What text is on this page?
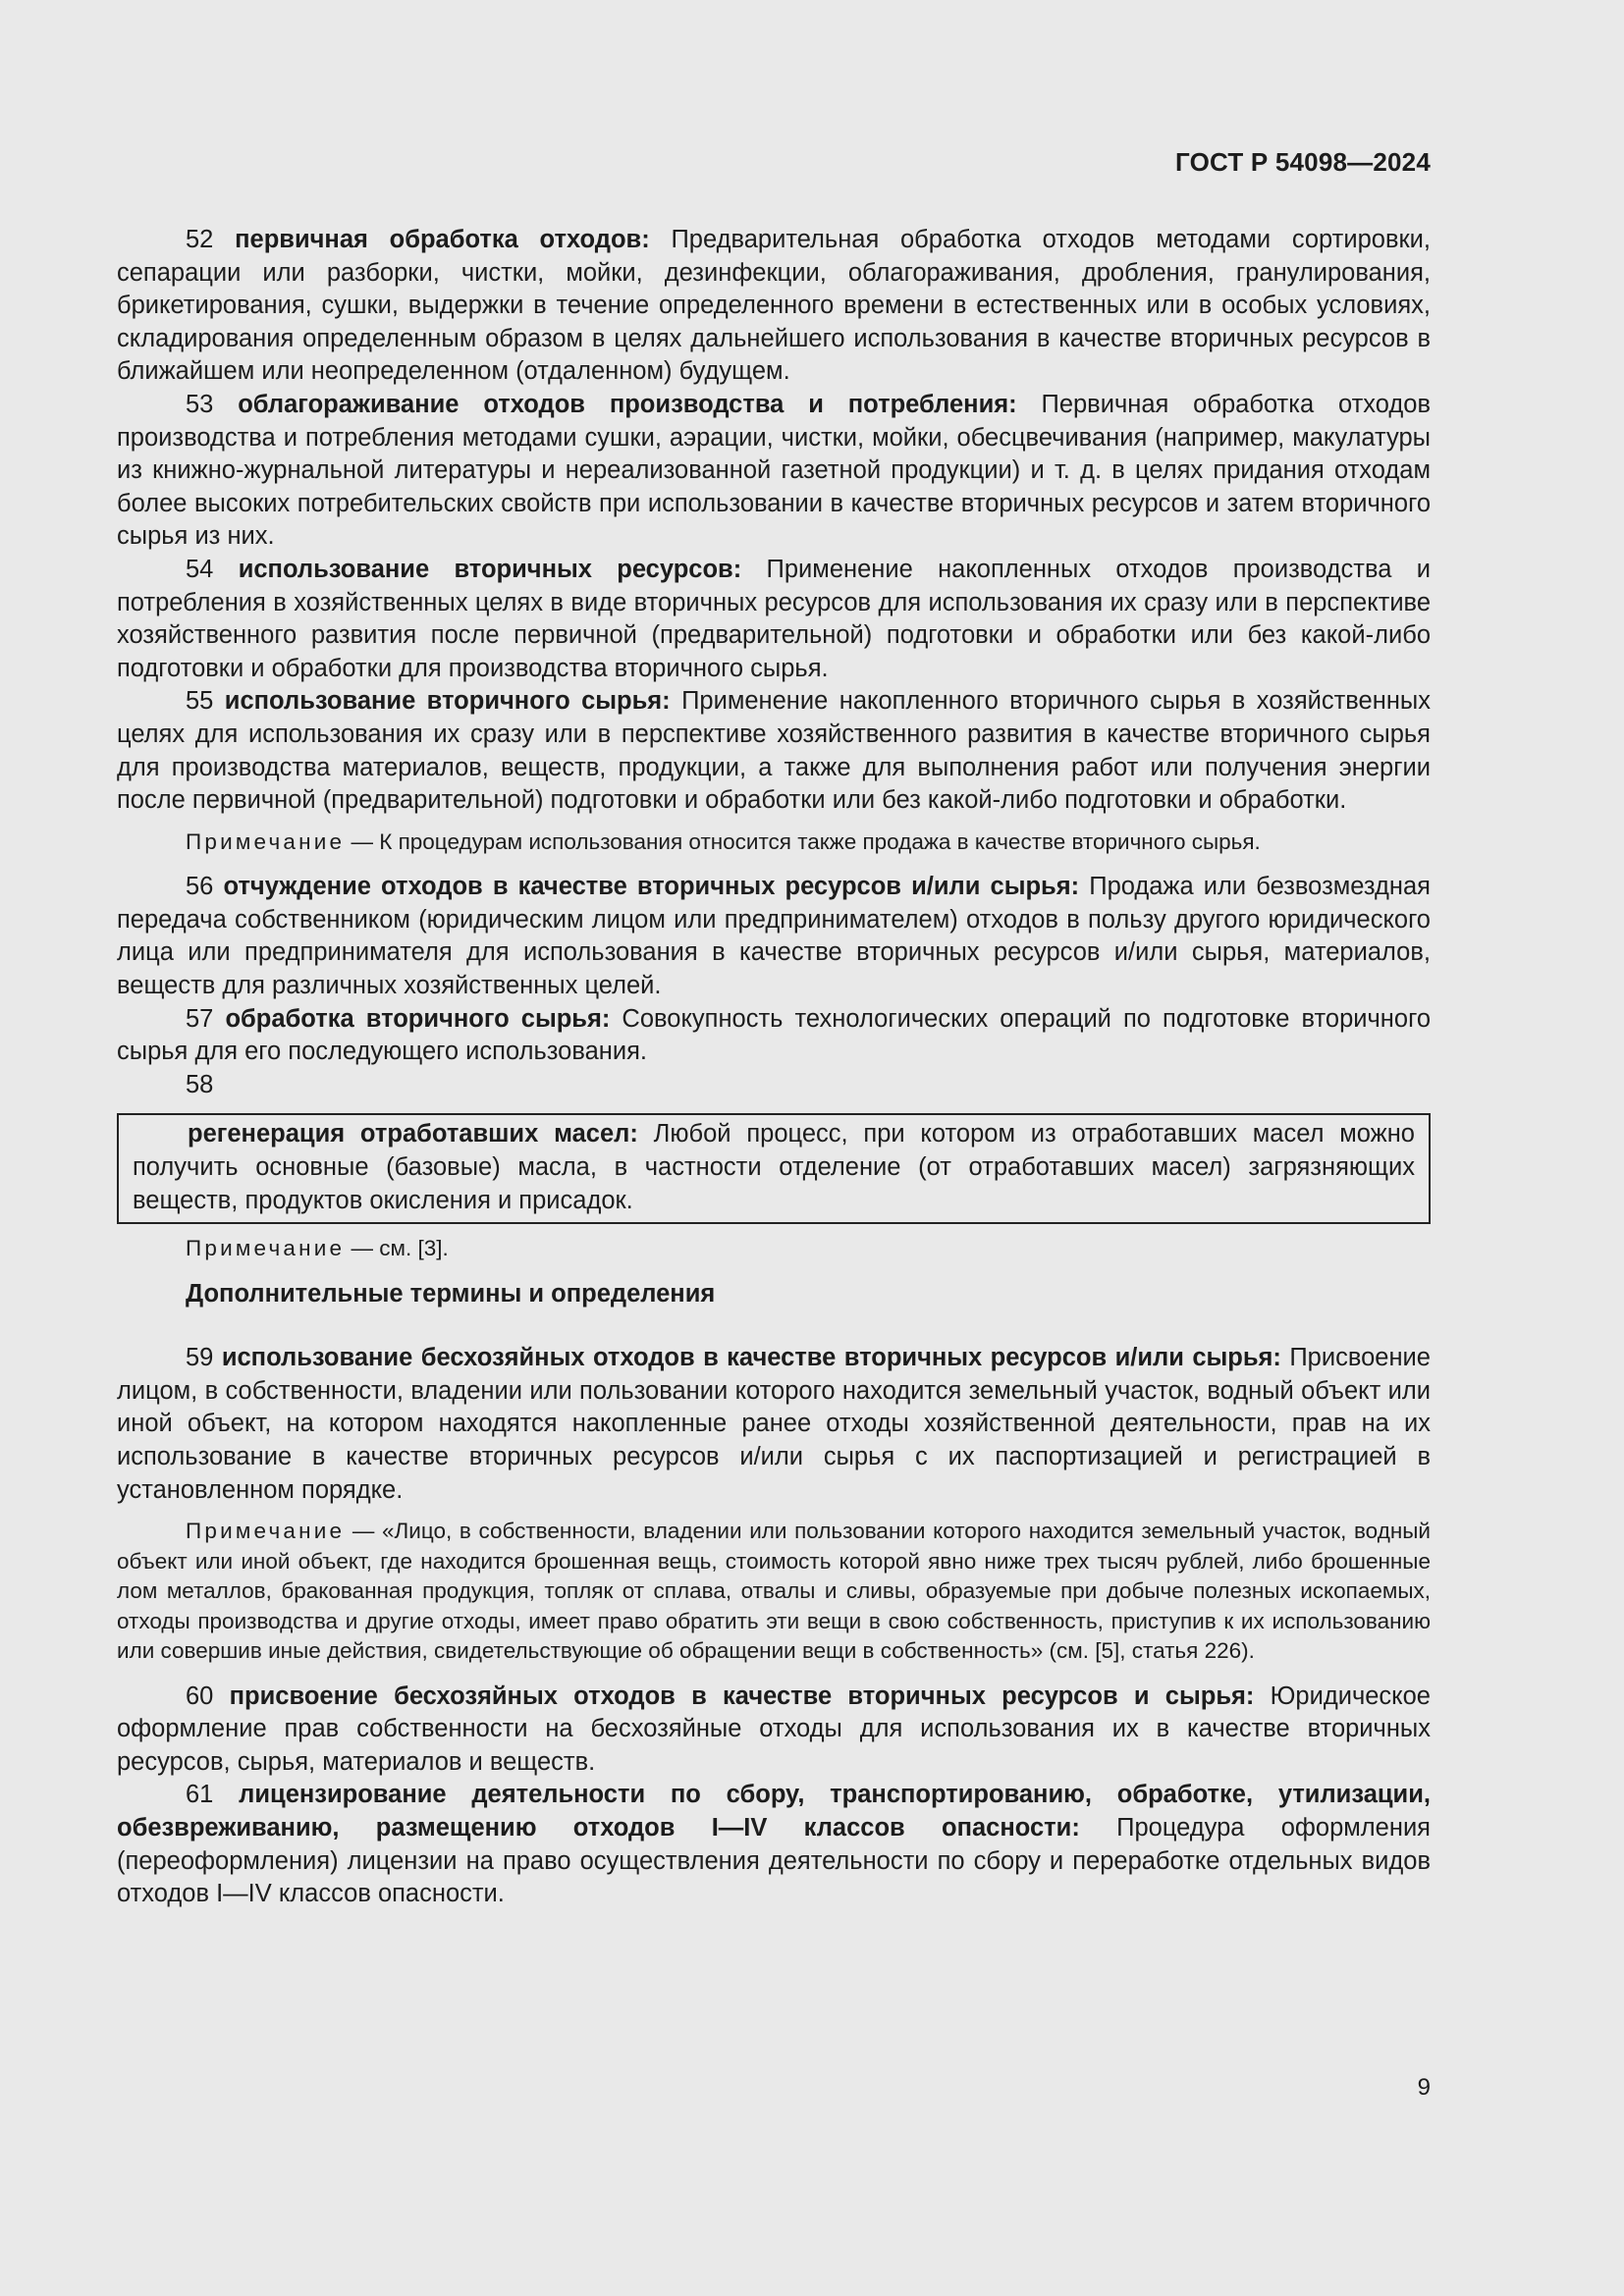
ГОСТ Р 54098—2024

52 первичная обработка отходов: Предварительная обработка отходов методами сортировки, сепарации или разборки, чистки, мойки, дезинфекции, облагораживания, дробления, гранулирования, брикетирования, сушки, выдержки в течение определенного времени в естественных или в особых условиях, складирования определенным образом в целях дальнейшего использования в качестве вторичных ресурсов в ближайшем или неопределенном (отдаленном) будущем.

53 облагораживание отходов производства и потребления: Первичная обработка отходов производства и потребления методами сушки, аэрации, чистки, мойки, обесцвечивания (например, макулатуры из книжно-журнальной литературы и нереализованной газетной продукции) и т. д. в целях придания отходам более высоких потребительских свойств при использовании в качестве вторичных ресурсов и затем вторичного сырья из них.

54 использование вторичных ресурсов: Применение накопленных отходов производства и потребления в хозяйственных целях в виде вторичных ресурсов для использования их сразу или в перспективе хозяйственного развития после первичной (предварительной) подготовки и обработки или без какой-либо подготовки и обработки для производства вторичного сырья.

55 использование вторичного сырья: Применение накопленного вторичного сырья в хозяйственных целях для использования их сразу или в перспективе хозяйственного развития в качестве вторичного сырья для производства материалов, веществ, продукции, а также для выполнения работ или получения энергии после первичной (предварительной) подготовки и обработки или без какой-либо подготовки и обработки.

Примечание — К процедурам использования относится также продажа в качестве вторичного сырья.

56 отчуждение отходов в качестве вторичных ресурсов и/или сырья: Продажа или безвозмездная передача собственником (юридическим лицом или предпринимателем) отходов в пользу другого юридического лица или предпринимателя для использования в качестве вторичных ресурсов и/или сырья, материалов, веществ для различных хозяйственных целей.

57 обработка вторичного сырья: Совокупность технологических операций по подготовке вторичного сырья для его последующего использования.

58

регенерация отработавших масел: Любой процесс, при котором из отработавших масел можно получить основные (базовые) масла, в частности отделение (от отработавших масел) загрязняющих веществ, продуктов окисления и присадок.

Примечание — см. [3].

Дополнительные термины и определения

59 использование бесхозяйных отходов в качестве вторичных ресурсов и/или сырья: Присвоение лицом, в собственности, владении или пользовании которого находится земельный участок, водный объект или иной объект, на котором находятся накопленные ранее отходы хозяйственной деятельности, прав на их использование в качестве вторичных ресурсов и/или сырья с их паспортизацией и регистрацией в установленном порядке.

Примечание — «Лицо, в собственности, владении или пользовании которого находится земельный участок, водный объект или иной объект, где находится брошенная вещь, стоимость которой явно ниже трех тысяч рублей, либо брошенные лом металлов, бракованная продукция, топляк от сплава, отвалы и сливы, образуемые при добыче полезных ископаемых, отходы производства и другие отходы, имеет право обратить эти вещи в свою собственность, приступив к их использованию или совершив иные действия, свидетельствующие об обращении вещи в собственность» (см. [5], статья 226).

60 присвоение бесхозяйных отходов в качестве вторичных ресурсов и сырья: Юридическое оформление прав собственности на бесхозяйные отходы для использования их в качестве вторичных ресурсов, сырья, материалов и веществ.

61 лицензирование деятельности по сбору, транспортированию, обработке, утилизации, обезвреживанию, размещению отходов I—IV классов опасности: Процедура оформления (переоформления) лицензии на право осуществления деятельности по сбору и переработке отдельных видов отходов I—IV классов опасности.

9
